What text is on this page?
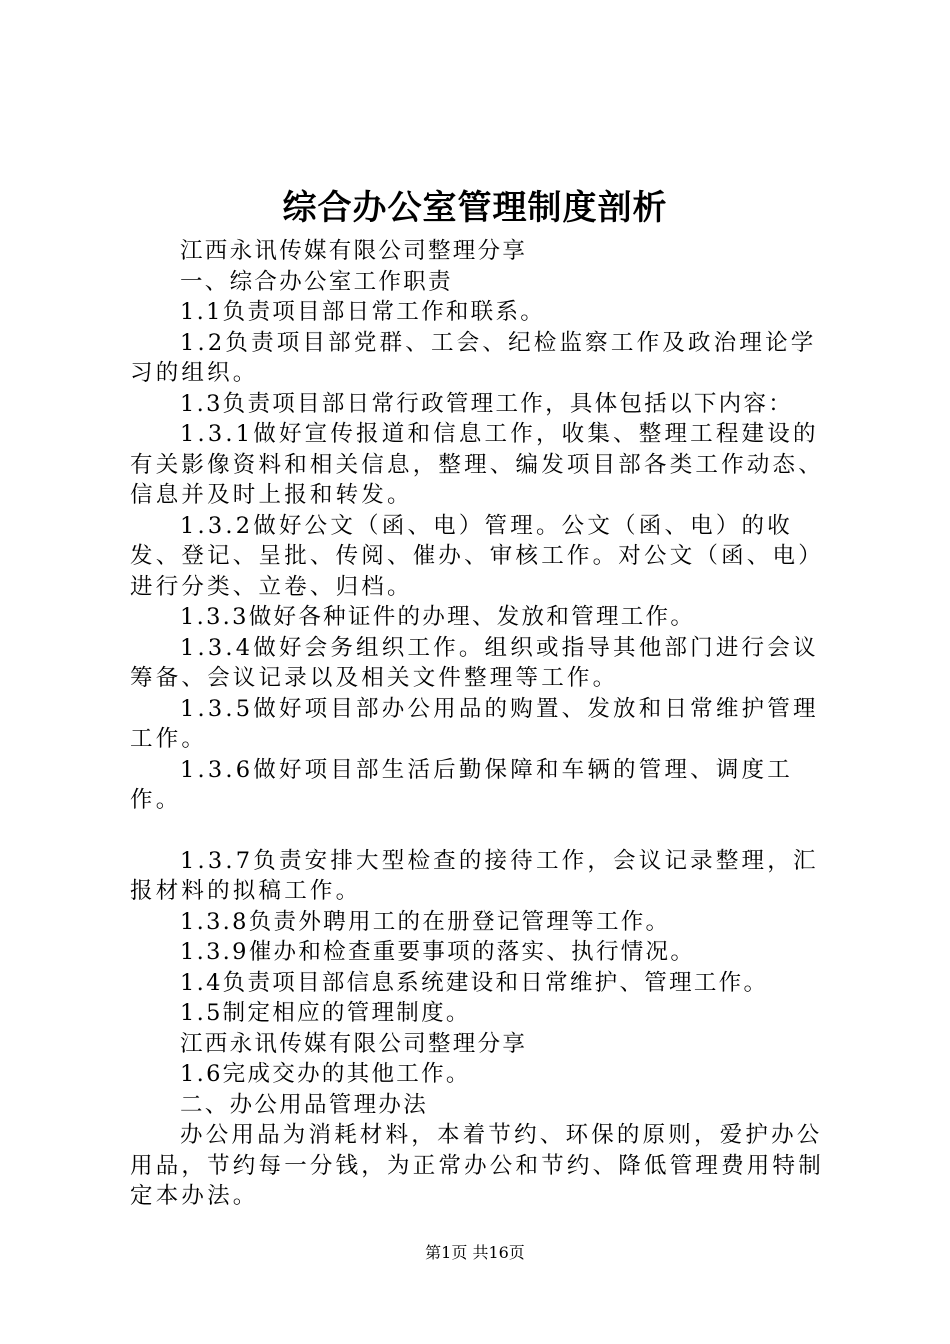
综合办公室管理制度剖析

江西永讯传媒有限公司整理分享

一、综合办公室工作职责

1.1负责项目部日常工作和联系。

1.2负责项目部党群、工会、纪检监察工作及政治理论学习的组织。

1.3负责项目部日常行政管理工作，具体包括以下内容：

1.3.1做好宣传报道和信息工作，收集、整理工程建设的有关影像资料和相关信息，整理、编发项目部各类工作动态、信息并及时上报和转发。

1.3.2做好公文（函、电）管理。公文（函、电）的收发、登记、呈批、传阅、催办、审核工作。对公文（函、电）进行分类、立卷、归档。

1.3.3做好各种证件的办理、发放和管理工作。

1.3.4做好会务组织工作。组织或指导其他部门进行会议筹备、会议记录以及相关文件整理等工作。

1.3.5做好项目部办公用品的购置、发放和日常维护管理工作。

1.3.6做好项目部生活后勤保障和车辆的管理、调度工作。

1.3.7负责安排大型检查的接待工作，会议记录整理，汇报材料的拟稿工作。

1.3.8负责外聘用工的在册登记管理等工作。

1.3.9催办和检查重要事项的落实、执行情况。

1.4负责项目部信息系统建设和日常维护、管理工作。

1.5制定相应的管理制度。

江西永讯传媒有限公司整理分享

1.6完成交办的其他工作。

二、办公用品管理办法

办公用品为消耗材料，本着节约、环保的原则，爱护办公用品，节约每一分钱，为正常办公和节约、降低管理费用特制定本办法。

第1页 共16页
